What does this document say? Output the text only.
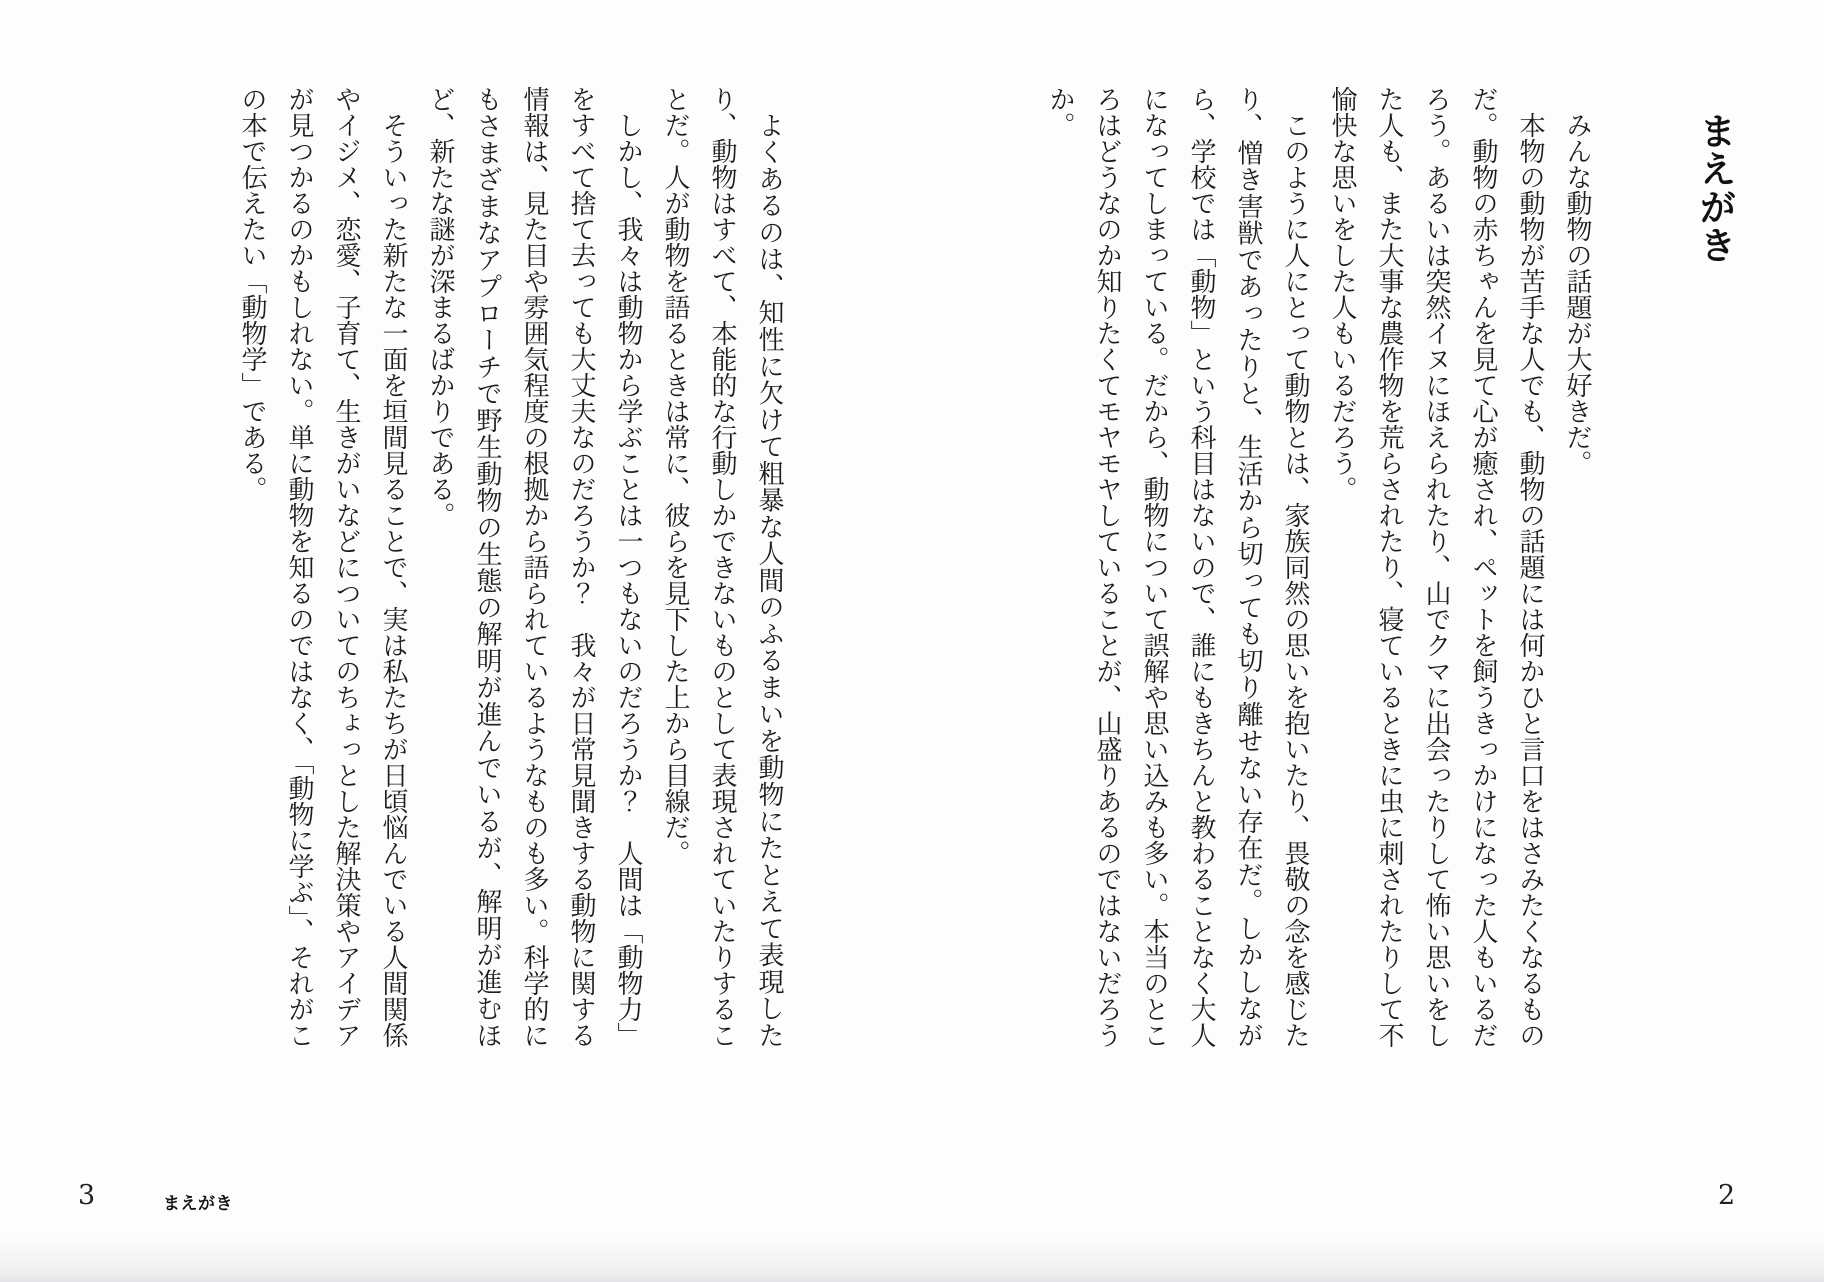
まえがき

みんな動物の話題が大好きだ。

本物の動物が苦手な人でも、動物の話題には何かひと言口をはさみたくなるものだ。動物の赤ちゃんを見て心が癒され、ペットを飼うきっかけになった人もいるだろう。あるいは突然イヌにほえられたり、山でクマに出会ったりして怖い思いをした人も、また大事な農作物を荒らされたり、寝ているときに虫に刺されたりして不愉快な思いをした人もいるだろう。

このように人にとって動物とは、家族同然の思いを抱いたり、畏敬の念を感じたり、憎き害獣であったりと、生活から切っても切り離せない存在だ。しかしながら、学校では「動物」という科目はないので、誰にもきちんと教わることなく大人になってしまっている。だから、動物について誤解や思い込みも多い。本当のところはどうなのか知りたくてモヤモヤしていることが、山盛りあるのではないだろうか。

2

よくあるのは、知性に欠けて粗暴な人間のふるまいを動物にたとえて表現したり、動物はすべて、本能的な行動しかできないものとして表現されていたりすることだ。人が動物を語るときは常に、彼らを見下した上から目線だ。

しかし、我々は動物から学ぶことは一つもないのだろうか？　人間は「動物力」をすべて捨て去っても大丈夫なのだろうか？　我々が日常見聞きする動物に関する情報は、見た目や雰囲気程度の根拠から語られているようなものも多い。科学的にもさまざまなアプローチで野生動物の生態の解明が進んでいるが、解明が進むほど、新たな謎が深まるばかりである。

そういった新たな一面を垣間見ることで、実は私たちが日頃悩んでいる人間関係やイジメ、恋愛、子育て、生きがいなどについてのちょっとした解決策やアイデアが見つかるのかもしれない。単に動物を知るのではなく、「動物に学ぶ」、それがこの本で伝えたい「動物学」である。

3	まえがき
